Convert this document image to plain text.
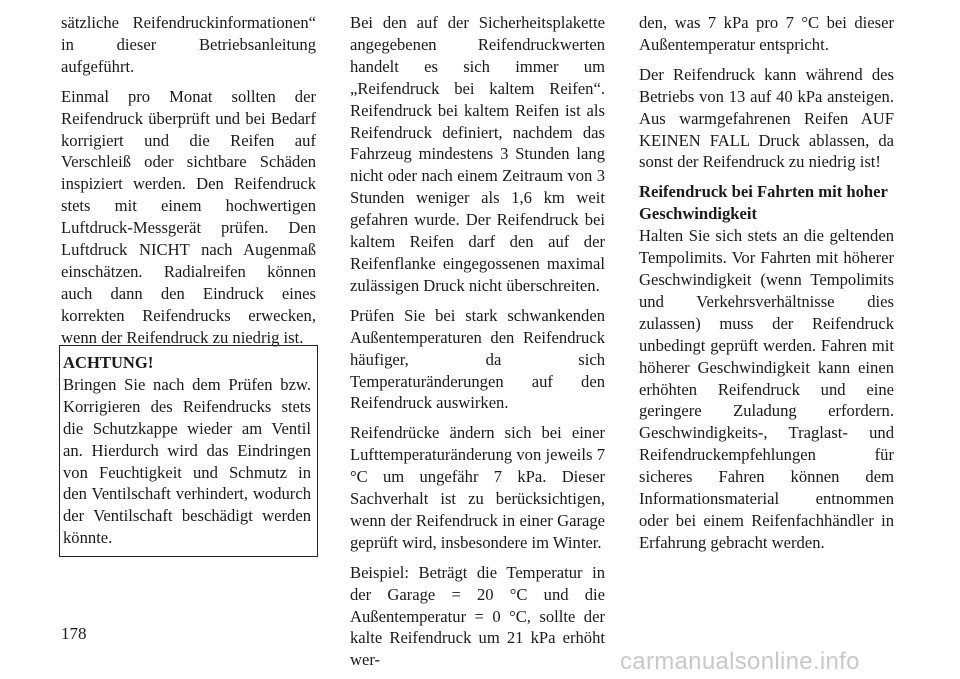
sätzliche Reifendruckinformationen“ in dieser Betriebsanleitung aufgeführt.

Einmal pro Monat sollten der Reifendruck überprüft und bei Bedarf korrigiert und die Reifen auf Verschleiß oder sichtbare Schäden inspiziert werden. Den Reifendruck stets mit einem hochwertigen Luftdruck-Messgerät prüfen. Den Luftdruck NICHT nach Augenmaß einschätzen. Radialreifen können auch dann den Eindruck eines korrekten Reifendrucks erwecken, wenn der Reifendruck zu niedrig ist.

ACHTUNG!
Bringen Sie nach dem Prüfen bzw. Korrigieren des Reifendrucks stets die Schutzkappe wieder am Ventil an. Hierdurch wird das Eindringen von Feuchtigkeit und Schmutz in den Ventilschaft verhindert, wodurch der Ventilschaft beschädigt werden könnte.

Bei den auf der Sicherheitsplakette angegebenen Reifendruckwerten handelt es sich immer um „Reifendruck bei kaltem Reifen“. Reifendruck bei kaltem Reifen ist als Reifendruck definiert, nachdem das Fahrzeug mindestens 3 Stunden lang nicht oder nach einem Zeitraum von 3 Stunden weniger als 1,6 km weit gefahren wurde. Der Reifendruck bei kaltem Reifen darf den auf der Reifenflanke eingegossenen maximal zulässigen Druck nicht überschreiten.

Prüfen Sie bei stark schwankenden Außentemperaturen den Reifendruck häufiger, da sich Temperaturänderungen auf den Reifendruck auswirken.

Reifendrücke ändern sich bei einer Lufttemperaturänderung von jeweils 7 °C um ungefähr 7 kPa. Dieser Sachverhalt ist zu berücksichtigen, wenn der Reifendruck in einer Garage geprüft wird, insbesondere im Winter.

Beispiel: Beträgt die Temperatur in der Garage = 20 °C und die Außentemperatur = 0 °C, sollte der kalte Reifendruck um 21 kPa erhöht wer-

den, was 7 kPa pro 7 °C bei dieser Außentemperatur entspricht.

Der Reifendruck kann während des Betriebs von 13 auf 40 kPa ansteigen. Aus warmgefahrenen Reifen AUF KEINEN FALL Druck ablassen, da sonst der Reifendruck zu niedrig ist!

Reifendruck bei Fahrten mit hoher Geschwindigkeit

Halten Sie sich stets an die geltenden Tempolimits. Vor Fahrten mit höherer Geschwindigkeit (wenn Tempolimits und Verkehrsverhältnisse dies zulassen) muss der Reifendruck unbedingt geprüft werden. Fahren mit höherer Geschwindigkeit kann einen erhöhten Reifendruck und eine geringere Zuladung erfordern. Geschwindigkeits-, Traglast- und Reifendruckempfehlungen für sicheres Fahren können dem Informationsmaterial entnommen oder bei einem Reifenfachhändler in Erfahrung gebracht werden.

178
carmanualsonline.info
